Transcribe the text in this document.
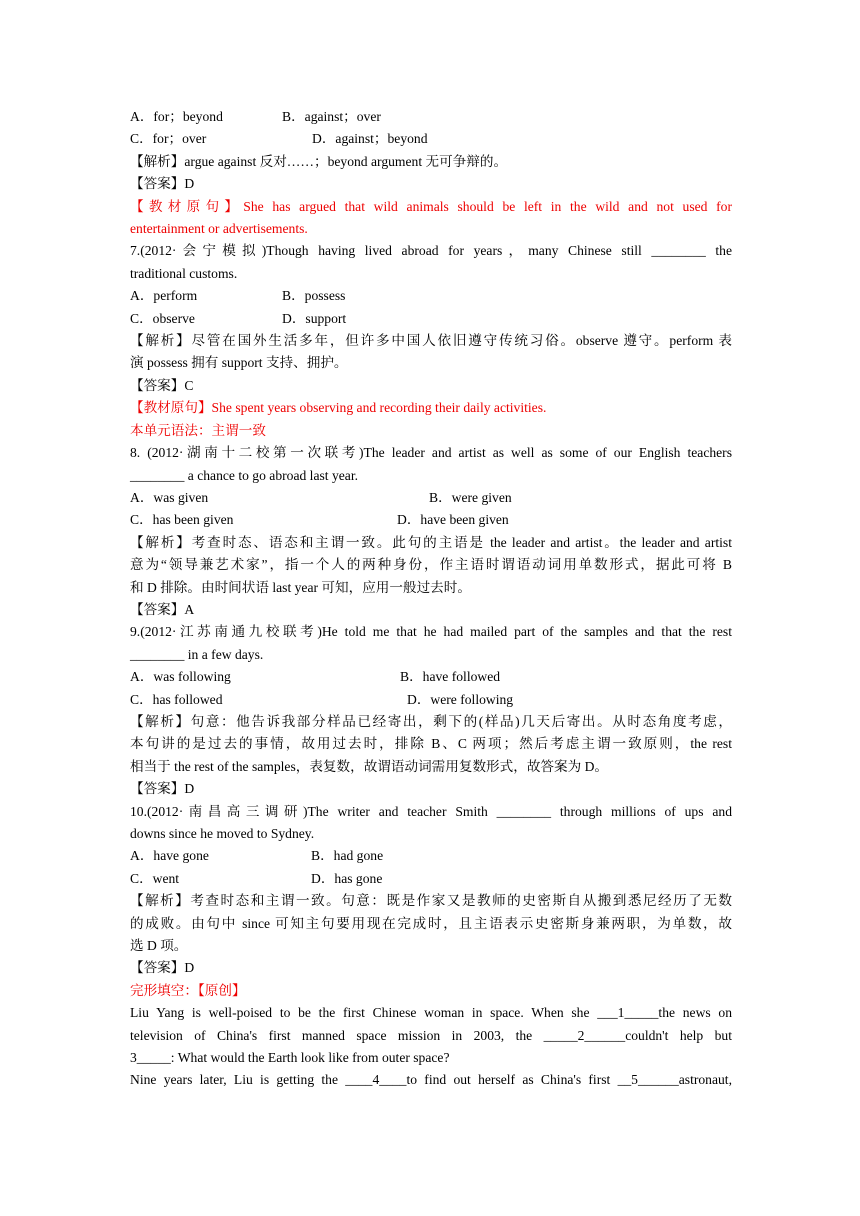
A．for；beyond	B．against；over
C．for；over	D．against；beyond
【解析】argue against 反对……；beyond argument 无可争辩的。
【答案】D
【教材原句】She has argued that wild animals should be left in the wild and not used for
entertainment or advertisements.
7.(2012·会宁模拟)Though having lived abroad for years，many Chinese still ________ the
traditional customs.
A．perform	B．possess
C．observe	D．support
【解析】尽管在国外生活多年，但许多中国人依旧遵守传统习俗。observe 遵守。perform 表
演 possess 拥有 support 支持、拥护。
【答案】C
【教材原句】She spent years observing and recording their daily activities.
本单元语法：主谓一致
8. (2012·湖南十二校第一次联考)The leader and artist as well as some of our English teachers
________ a chance to go abroad last year.
A．was given	B．were given
C．has been given	D．have been given
【解析】考查时态、语态和主谓一致。此句的主语是 the leader and artist。the leader and artist
意为“领导兼艺术家”，指一个人的两种身份，作主语时谓语动词用单数形式，据此可将 B
和 D 排除。由时间状语 last year 可知，应用一般过去时。
【答案】A
9.(2012·江苏南通九校联考)He told me that he had mailed part of the samples and that the rest
________ in a few days.
A．was following	B．have followed
C．has followed	D．were following
【解析】句意：他告诉我部分样品已经寄出，剩下的(样品)几天后寄出。从时态角度考虑，
本句讲的是过去的事情，故用过去时，排除 B、C 两项；然后考虑主谓一致原则，the rest
相当于 the rest of the samples，表复数，故谓语动词需用复数形式，故答案为 D。
【答案】D
10.(2012·南昌高三调研)The writer and teacher Smith ________ through millions of ups and
downs since he moved to Sydney.
A．have gone	B．had gone
C．went	D．has gone
【解析】考查时态和主谓一致。句意：既是作家又是教师的史密斯自从搬到悉尼经历了无数
的成败。由句中 since 可知主句要用现在完成时，且主语表示史密斯身兼两职，为单数，故
选 D 项。
【答案】D
完形填空：【原创】
Liu Yang is well-poised to be the first Chinese woman in space. When she ___1_____the news on
television of China's first manned space mission in 2003, the _____2______couldn't help but
3_____: What would the Earth look like from outer space?
Nine years later, Liu is getting the ____4____to find out herself as China's first __5______astronaut,
